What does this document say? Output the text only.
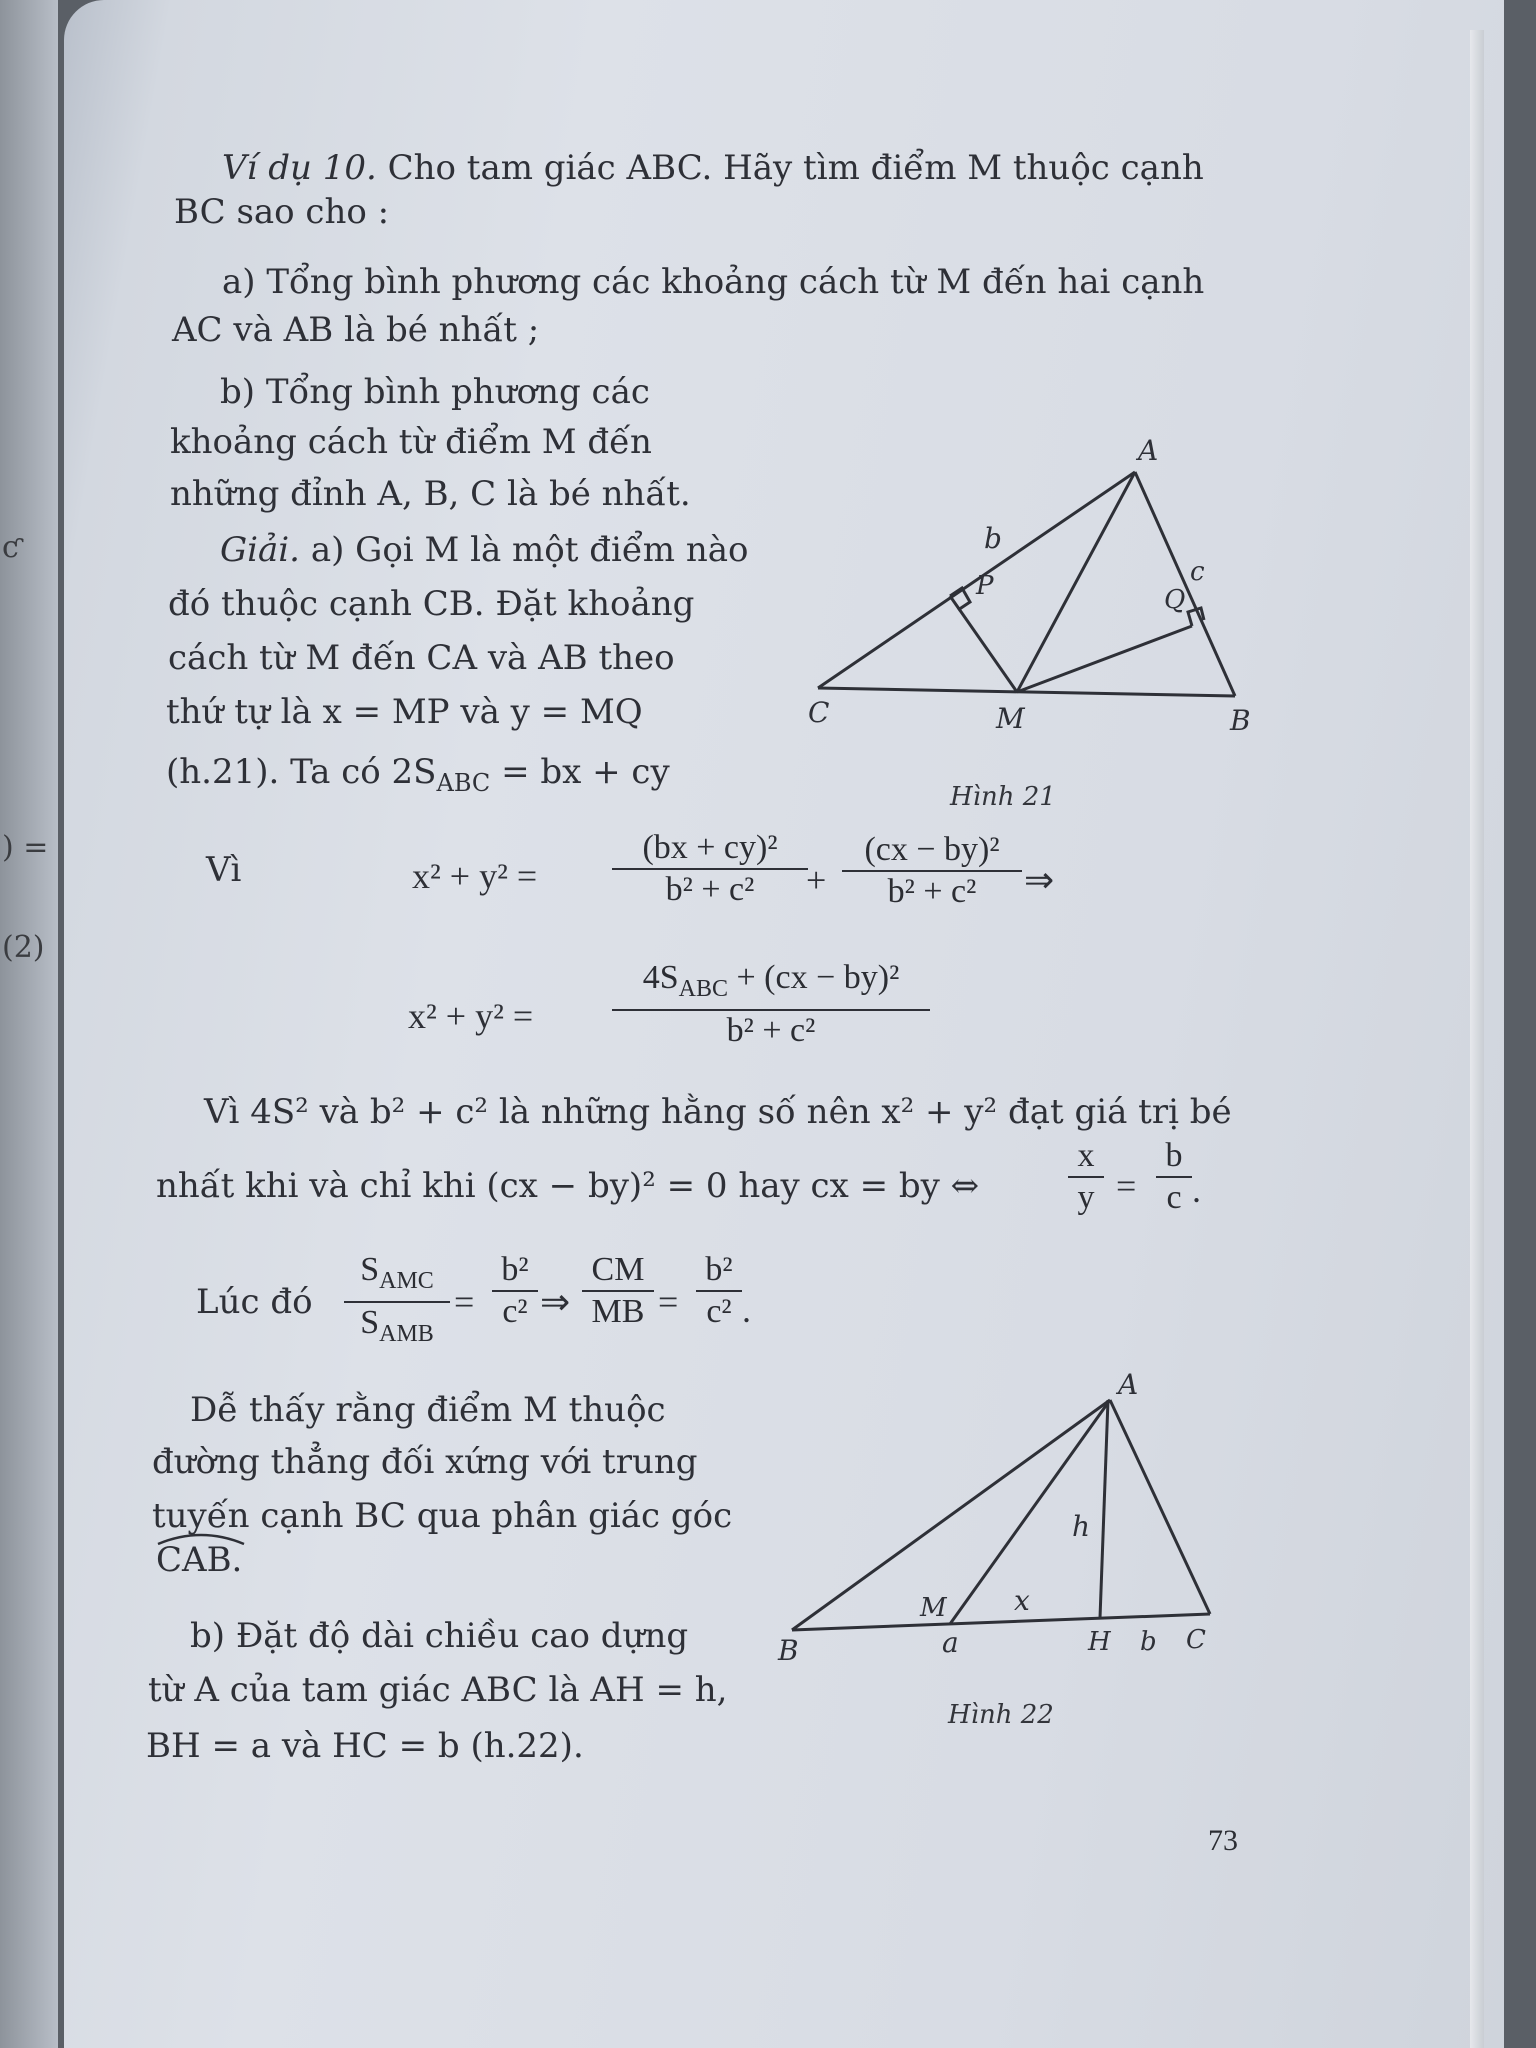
ƈ
) =
(2)
Ví dụ 10. Cho tam giác ABC. Hãy tìm điểm M thuộc cạnh
BC sao cho :
a) Tổng bình phương các khoảng cách từ M đến hai cạnh
AC và AB là bé nhất ;
b) Tổng bình phương các
khoảng cách từ điểm M đến
những đỉnh A, B, C là bé nhất.
Giải. a) Gọi M là một điểm nào
đó thuộc cạnh CB. Đặt khoảng
cách từ M đến CA và AB theo
thứ tự là x = MP và y = MQ
(h.21). Ta có $2S_{ABC}$ = bx + cy
A
B
C	M
P	Q
b
c
Hình 21
Vì	$x^2 + y^2 = \frac{\text{(bx + cy)²}}{\text{b² + c²}}$
+ $\frac{\text{(cx − by)²}}{\text{b² + c²}}$ ⇒
x² + y² =
$4S_{ABC} + (cx - by)^2$
b² + c²
Vì 4S² và b² + c² là những hằng số nên x² + y² đạt giá trị bé
nhất khi và chỉ khi (cx − by)² = 0 hay cx = by ⇔	$\frac{x}{y} = \frac{b}{c}$ .
Lúc đó
$S_{AMC}$
$S_{AMB}$
= $\frac{\text{b²}}{\text{c²}}$ ⇒ $\frac{CM}{MB} = \frac{\text{b²}}{\text{c²}}$ .
Dễ thấy rằng điểm M thuộc
đường thẳng đối xứng với trung
tuyến cạnh BC qua phân giác góc
CAB.
b) Đặt độ dài chiều cao dựng
từ A của tam giác ABC là AH = h,
BH = a và HC = b (h.22).
A
B	C
M
H
h
x
a	b
Hình 22
73
